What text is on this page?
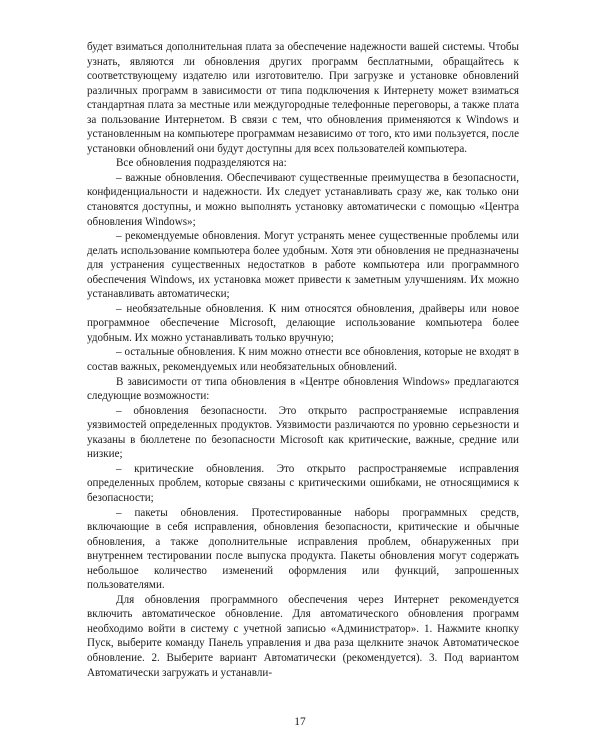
будет взиматься дополнительная плата за обеспечение надежности вашей системы. Чтобы узнать, являются ли обновления других программ бесплатными, обращайтесь к соответствующему издателю или изготовителю. При загрузке и установке обновлений различных программ в зависимости от типа подключения к Интернету может взиматься стандартная плата за местные или междугородные телефонные переговоры, а также плата за пользование Интернетом. В связи с тем, что обновления применяются к Windows и установленным на компьютере программам независимо от того, кто ими пользуется, после установки обновлений они будут доступны для всех пользователей компьютера.

Все обновления подразделяются на:

– важные обновления. Обеспечивают существенные преимущества в безопасности, конфиденциальности и надежности. Их следует устанавливать сразу же, как только они становятся доступны, и можно выполнять установку автоматически с помощью «Центра обновления Windows»;

– рекомендуемые обновления. Могут устранять менее существенные проблемы или делать использование компьютера более удобным. Хотя эти обновления не предназначены для устранения существенных недостатков в работе компьютера или программного обеспечения Windows, их установка может привести к заметным улучшениям. Их можно устанавливать автоматически;

– необязательные обновления. К ним относятся обновления, драйверы или новое программное обеспечение Microsoft, делающие использование компьютера более удобным. Их можно устанавливать только вручную;

– остальные обновления. К ним можно отнести все обновления, которые не входят в состав важных, рекомендуемых или необязательных обновлений.

В зависимости от типа обновления в «Центре обновления Windows» предлагаются следующие возможности:

– обновления безопасности. Это открыто распространяемые исправления уязвимостей определенных продуктов. Уязвимости различаются по уровню серьезности и указаны в бюллетене по безопасности Microsoft как критические, важные, средние или низкие;

– критические обновления. Это открыто распространяемые исправления определенных проблем, которые связаны с критическими ошибками, не относящимися к безопасности;

– пакеты обновления. Протестированные наборы программных средств, включающие в себя исправления, обновления безопасности, критические и обычные обновления, а также дополнительные исправления проблем, обнаруженных при внутреннем тестировании после выпуска продукта. Пакеты обновления могут содержать небольшое количество изменений оформления или функций, запрошенных пользователями.

Для обновления программного обеспечения через Интернет рекомендуется включить автоматическое обновление. Для автоматического обновления программ необходимо войти в систему с учетной записью «Администратор». 1. Нажмите кнопку Пуск, выберите команду Панель управления и два раза щелкните значок Автоматическое обновление. 2. Выберите вариант Автоматически (рекомендуется). 3. Под вариантом Автоматически загружать и устанавли-

17
